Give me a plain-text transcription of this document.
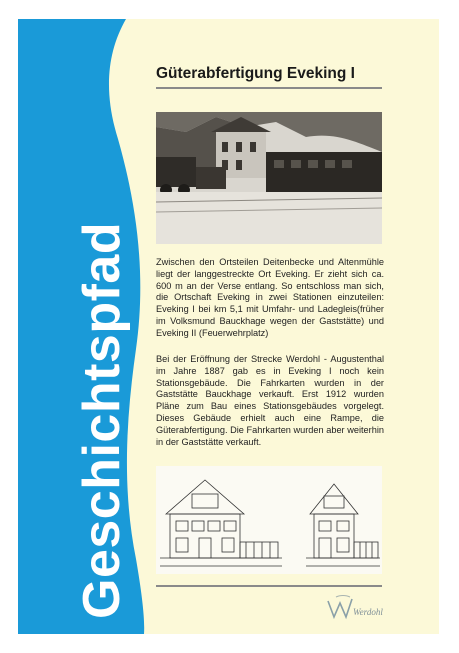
Geschichtspfad
Güterabfertigung Eveking I
Zwischen den Ortsteilen Deitenbecke und Altenmühle liegt der langgestreckte Ort Eveking. Er zieht sich ca. 600 m an der Verse entlang. So entschloss man sich, die Ortschaft Eveking in zwei Stationen einzuteilen: Eveking I bei km 5,1 mit Umfahr- und Ladegleis(früher im Volksmund Bauckhage wegen der Gaststätte) und Eveking II (Feuerwehrplatz)
Bei der Eröffnung der Strecke Werdohl - Augustenthal im Jahre 1887 gab es in Eveking I noch kein Stationsgebäude. Die Fahrkarten wurden in der Gaststätte Bauckhage verkauft. Erst 1912 wurden Pläne zum Bau eines Stationsgebäudes vorgelegt. Dieses Gebäude erhielt auch eine Rampe, die Güterabfertigung. Die Fahrkarten wurden aber weiterhin in der Gaststätte verkauft.
Werdohl
